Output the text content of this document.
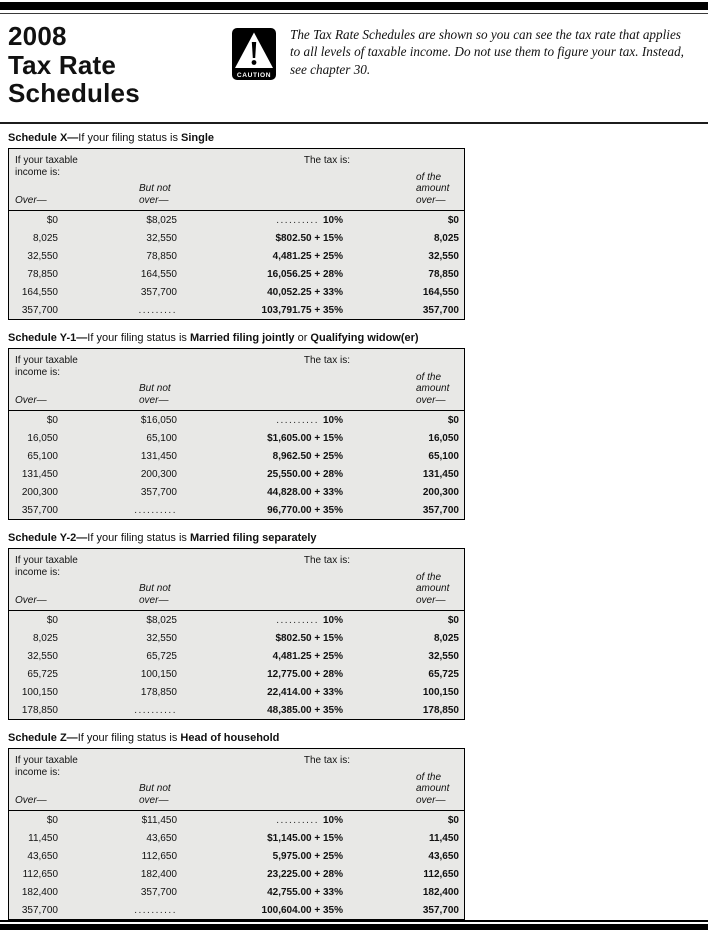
2008
Tax Rate
Schedules
CAUTION
The Tax Rate Schedules are shown so you can see the tax rate that applies
to all levels of taxable income. Do not use them to figure your tax. Instead,
see chapter 30.
Schedule X—If your filing status is Single
If your taxable income is:
The tax is:
Over—
But not over—
of the amount over—
$0	$8,025	.......... 10%	$0
8,025	32,550	$802.50 + 15%	8,025
32,550	78,850	4,481.25 + 25%	32,550
78,850	164,550	16,056.25 + 28%	78,850
164,550	357,700	40,052.25 + 33%	164,550
357,700	.........	103,791.75 + 35%	357,700
Schedule Y-1—If your filing status is Married filing jointly or Qualifying widow(er)
If your taxable income is:
The tax is:
Over—
But not over—
of the amount over—
$0	$16,050	.......... 10%	$0
16,050	65,100	$1,605.00 + 15%	16,050
65,100	131,450	8,962.50 + 25%	65,100
131,450	200,300	25,550.00 + 28%	131,450
200,300	357,700	44,828.00 + 33%	200,300
357,700	..........	96,770.00 + 35%	357,700
Schedule Y-2—If your filing status is Married filing separately
If your taxable income is:
The tax is:
Over—
But not over—
of the amount over—
$0	$8,025	.......... 10%	$0
8,025	32,550	$802.50 + 15%	8,025
32,550	65,725	4,481.25 + 25%	32,550
65,725	100,150	12,775.00 + 28%	65,725
100,150	178,850	22,414.00 + 33%	100,150
178,850	..........	48,385.00 + 35%	178,850
Schedule Z—If your filing status is Head of household
If your taxable income is:
The tax is:
Over—
But not over—
of the amount over—
$0	$11,450	.......... 10%	$0
11,450	43,650	$1,145.00 + 15%	11,450
43,650	112,650	5,975.00 + 25%	43,650
112,650	182,400	23,225.00 + 28%	112,650
182,400	357,700	42,755.00 + 33%	182,400
357,700	..........	100,604.00 + 35%	357,700
